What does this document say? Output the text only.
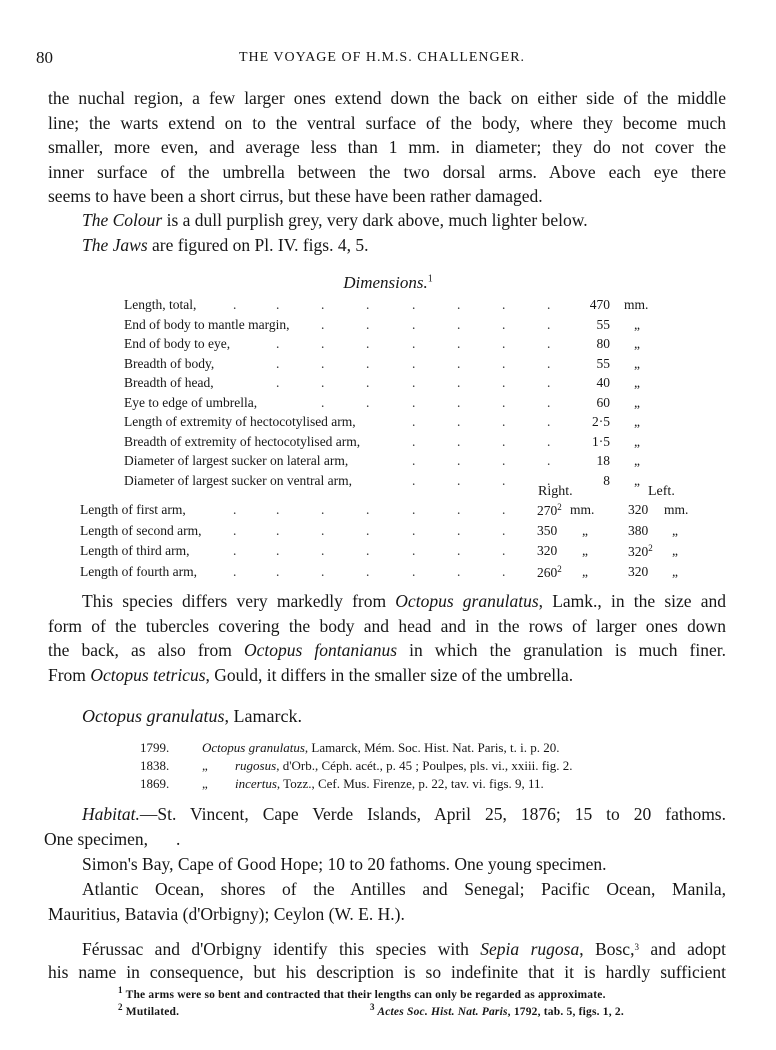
80	THE VOYAGE OF H.M.S. CHALLENGER.
the nuchal region, a few larger ones extend down the back on either side of the middle
line; the warts extend on to the ventral surface of the body, where they become much
smaller, more even, and average less than 1 mm. in diameter; they do not cover the
inner surface of the umbrella between the two dorsal arms. Above each eye there
seems to have been a short cirrus, but these have been rather damaged.
The Colour is a dull purplish grey, very dark above, much lighter below.
The Jaws are figured on Pl. IV. figs. 4, 5.
Dimensions.$^1$
Length, total,	.	.	.	.	.	.	.	.	470 mm.
End of body to mantle margin, .	.	.	.	.	.	55 „
End of body to eye,	.	.	.	.	.	.	.	80 „
Breadth of body,	.	.	.	.	.	.	.	55 „
Breadth of head,	.	.	.	.	.	.	.	40 „
Eye to edge of umbrella,	.	.	.	.	.	.	60 „
Length of extremity of hectocotylised arm,	.	.	.	.	2·5 „
Breadth of extremity of hectocotylised arm,	.	.	.	.	1·5 „
Diameter of largest sucker on lateral arm,	.	.	.	.	18 „
Diameter of largest sucker on ventral arm,	.	.	.	.	8 „
Right.	Left.
Length of first arm,	.	.	.	.	.	.	. $270^2$ mm. 320 mm.
Length of second arm, .	.	.	.	.	.	. 350 „	380 „
Length of third arm,	.	.	.	.	.	.	. 320 „	$320^2$ „
Length of fourth arm,	.	.	.	.	.	.	. $260^2$ „	320 „
This species differs very markedly from Octopus granulatus, Lamk., in the size and
form of the tubercles covering the body and head and in the rows of larger ones down
the back, as also from Octopus fontanianus in which the granulation is much finer.
From Octopus tetricus, Gould, it differs in the smaller size of the umbrella.
Octopus granulatus, Lamarck.
1799.	Octopus granulatus, Lamarck, Mém. Soc. Hist. Nat. Paris, t. i. p. 20.
1838.	„ rugosus, d'Orb., Céph. acét., p. 45 ; Poulpes, pls. vi., xxiii. fig. 2.
1869.	„ incertus, Tozz., Cef. Mus. Firenze, p. 22, tav. vi. figs. 9, 11.
Habitat.—St. Vincent, Cape Verde Islands, April 25, 1876; 15 to 20 fathoms.
One specimen, .
Simon's Bay, Cape of Good Hope; 10 to 20 fathoms. One young specimen.
Atlantic Ocean, shores of the Antilles and Senegal; Pacific Ocean, Manila,
Mauritius, Batavia (d'Orbigny); Ceylon (W. E. H.).
Férussac and d'Orbigny identify this species with Sepia rugosa, Bosc,$^3$ and adopt
his name in consequence, but his description is so indefinite that it is hardly sufficient
$^1$ The arms were so bent and contracted that their lengths can only be regarded as approximate.
$^2$ Mutilated.	$^3$ Actes Soc. Hist. Nat. Paris, 1792, tab. 5, figs. 1, 2.
